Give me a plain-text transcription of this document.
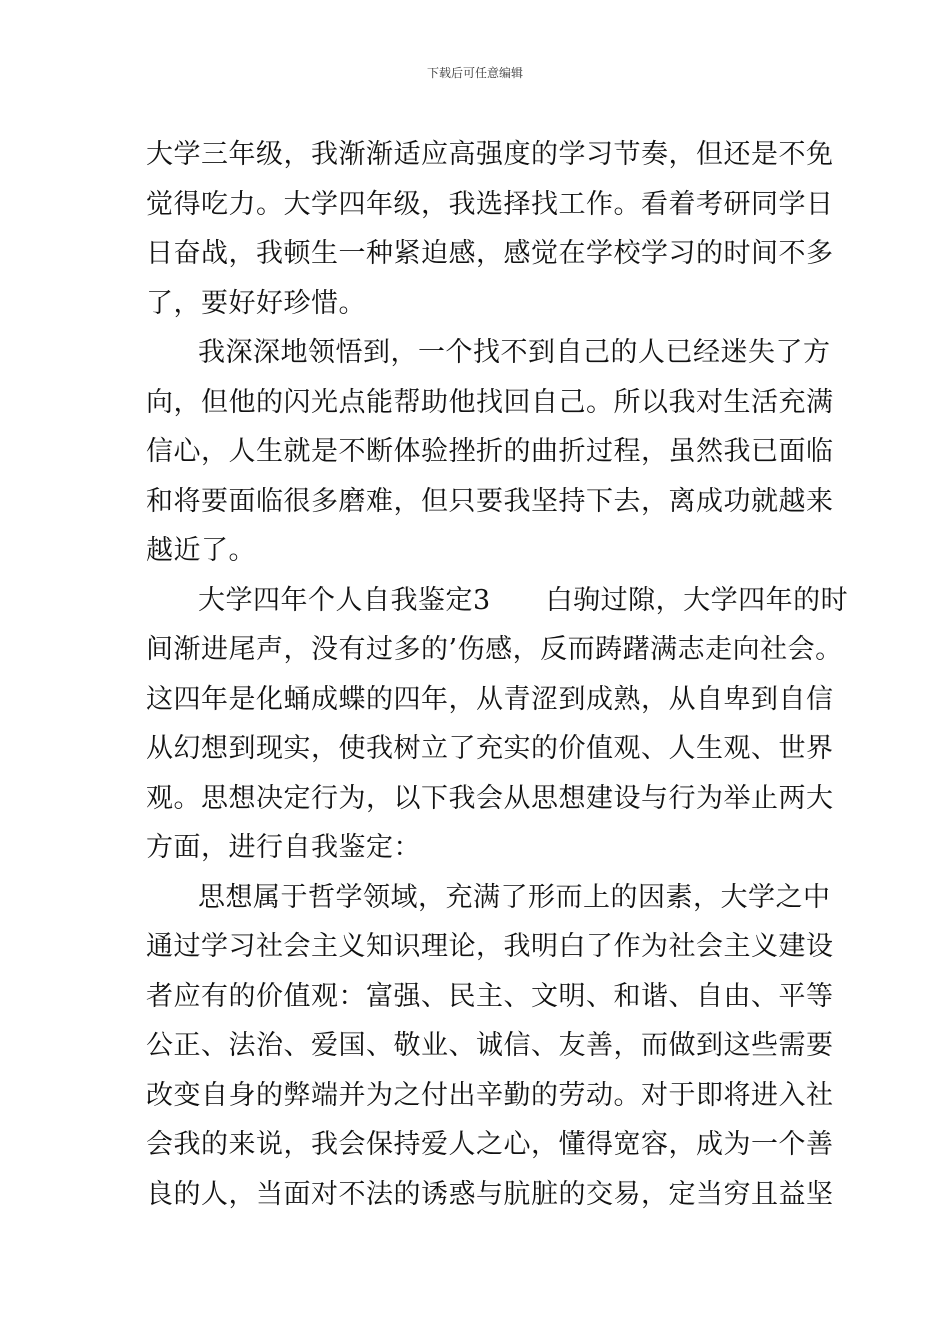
下载后可任意编辑
大学三年级，我渐渐适应高强度的学习节奏，但还是不免
觉得吃力。大学四年级，我选择找工作。看着考研同学日
日奋战，我顿生一种紧迫感，感觉在学校学习的时间不多
了，要好好珍惜。
我深深地领悟到，一个找不到自己的人已经迷失了方
向，但他的闪光点能帮助他找回自己。所以我对生活充满
信心，人生就是不断体验挫折的曲折过程，虽然我已面临
和将要面临很多磨难，但只要我坚持下去，离成功就越来
越近了。
大学四年个人自我鉴定3　　白驹过隙，大学四年的时
间渐进尾声，没有过多的’伤感，反而踌躇满志走向社会。
这四年是化蛹成蝶的四年，从青涩到成熟，从自卑到自信
从幻想到现实，使我树立了充实的价值观、人生观、世界
观。思想决定行为，以下我会从思想建设与行为举止两大
方面，进行自我鉴定：
思想属于哲学领域，充满了形而上的因素，大学之中
通过学习社会主义知识理论，我明白了作为社会主义建设
者应有的价值观：富强、民主、文明、和谐、自由、平等
公正、法治、爱国、敬业、诚信、友善，而做到这些需要
改变自身的弊端并为之付出辛勤的劳动。对于即将进入社
会我的来说，我会保持爱人之心，懂得宽容，成为一个善
良的人，当面对不法的诱惑与肮脏的交易，定当穷且益坚
